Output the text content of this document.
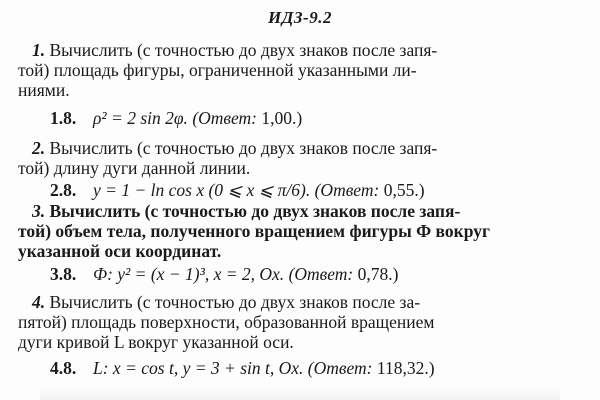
ИДЗ-9.2
1. Вычислить (с точностью до двух знаков после запя-
той) площадь фигуры, ограниченной указанными ли-
ниями.
1.8. ρ² = 2 sin 2φ. (Ответ: 1,00.)
2. Вычислить (с точностью до двух знаков после запя-
той) длину дуги данной линии.
2.8. y = 1 − ln cos x (0 ⩽ x ⩽ π/6). (Ответ: 0,55.)
3. Вычислить (с точностью до двух знаков после запя-
той) объем тела, полученного вращением фигуры Ф вокруг
указанной оси координат.
3.8. Ф: y² = (x − 1)³, x = 2, Ox. (Ответ: 0,78.)
4. Вычислить (с точностью до двух знаков после за-
пятой) площадь поверхности, образованной вращением
дуги кривой L вокруг указанной оси.
4.8. L: x = cos t, y = 3 + sin t, Ox. (Ответ: 118,32.)
